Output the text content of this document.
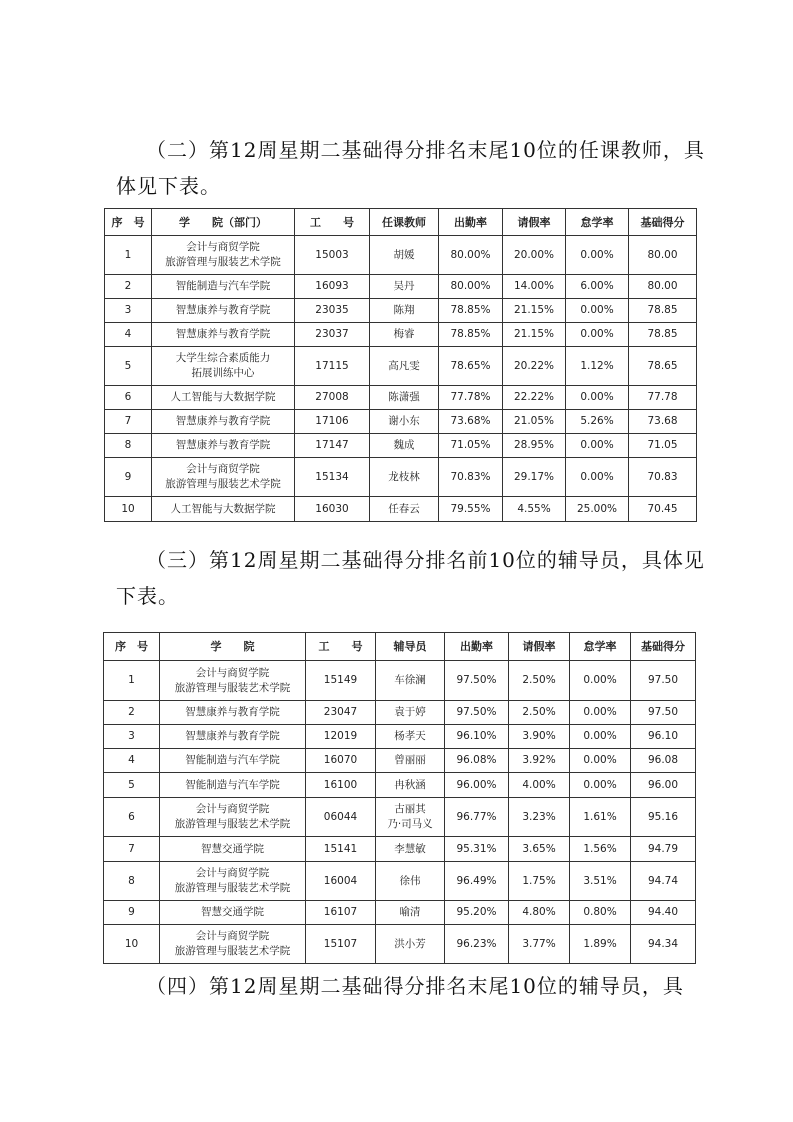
（二）第12周星期二基础得分排名末尾10位的任课教师，具体见下表。

序　号	学　　院（部门）	工　　号	任课教师	出勤率	请假率	怠学率	基础得分
1	会计与商贸学院
旅游管理与服装艺术学院	15003	胡媛	80.00%	20.00%	0.00%	80.00
2	智能制造与汽车学院	16093	吴丹	80.00%	14.00%	6.00%	80.00
3	智慧康养与教育学院	23035	陈翔	78.85%	21.15%	0.00%	78.85
4	智慧康养与教育学院	23037	梅睿	78.85%	21.15%	0.00%	78.85
5	大学生综合素质能力
拓展训练中心	17115	高凡雯	78.65%	20.22%	1.12%	78.65
6	人工智能与大数据学院	27008	陈潇强	77.78%	22.22%	0.00%	77.78
7	智慧康养与教育学院	17106	谢小东	73.68%	21.05%	5.26%	73.68
8	智慧康养与教育学院	17147	魏成	71.05%	28.95%	0.00%	71.05
9	会计与商贸学院
旅游管理与服装艺术学院	15134	龙枝林	70.83%	29.17%	0.00%	70.83
10	人工智能与大数据学院	16030	任春云	79.55%	4.55%	25.00%	70.45

（三）第12周星期二基础得分排名前10位的辅导员，具体见下表。

序　号	学　　院	工　　号	辅导员	出勤率	请假率	怠学率	基础得分
1	会计与商贸学院
旅游管理与服装艺术学院	15149	车徐澜	97.50%	2.50%	0.00%	97.50
2	智慧康养与教育学院	23047	袁于婷	97.50%	2.50%	0.00%	97.50
3	智慧康养与教育学院	12019	杨孝天	96.10%	3.90%	0.00%	96.10
4	智能制造与汽车学院	16070	曾丽丽	96.08%	3.92%	0.00%	96.08
5	智能制造与汽车学院	16100	冉秋涵	96.00%	4.00%	0.00%	96.00
6	会计与商贸学院
旅游管理与服装艺术学院	06044	古丽其
乃·司马义	96.77%	3.23%	1.61%	95.16
7	智慧交通学院	15141	李慧敏	95.31%	3.65%	1.56%	94.79
8	会计与商贸学院
旅游管理与服装艺术学院	16004	徐伟	96.49%	1.75%	3.51%	94.74
9	智慧交通学院	16107	喻清	95.20%	4.80%	0.80%	94.40
10	会计与商贸学院
旅游管理与服装艺术学院	15107	洪小芳	96.23%	3.77%	1.89%	94.34

（四）第12周星期二基础得分排名末尾10位的辅导员，具
